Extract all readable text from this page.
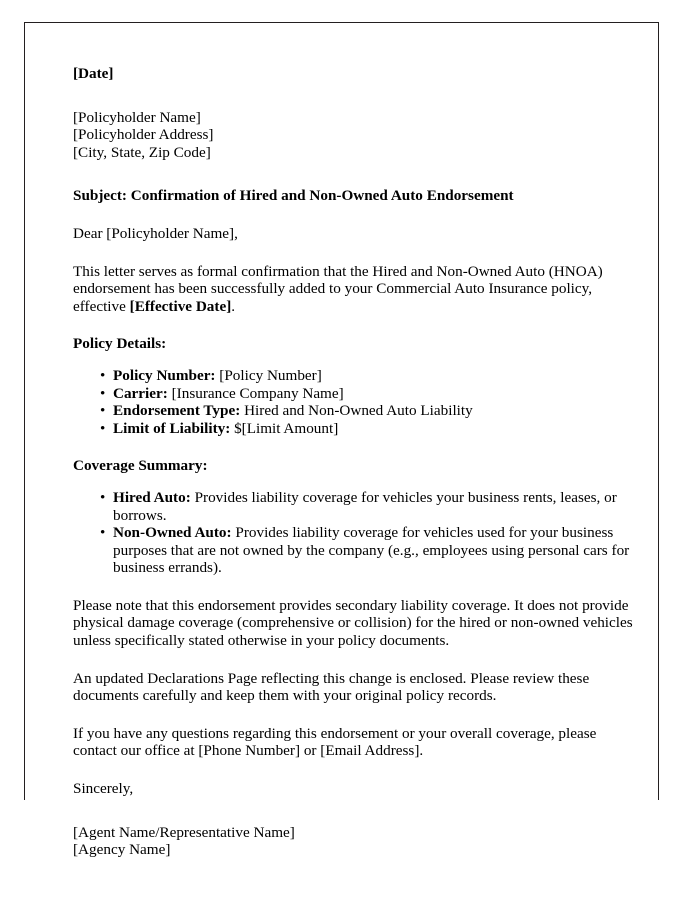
[Date]

[Policyholder Name]

[Policyholder Address]

[City, State, Zip Code]

Subject: Confirmation of Hired and Non-Owned Auto Endorsement

Dear [Policyholder Name],

This letter serves as formal confirmation that the Hired and Non-Owned Auto (HNOA) endorsement has been successfully added to your Commercial Auto Insurance policy, effective [Effective Date].

Policy Details:

• Policy Number: [Policy Number]
• Carrier: [Insurance Company Name]
• Endorsement Type: Hired and Non-Owned Auto Liability
• Limit of Liability: $[Limit Amount]

Coverage Summary:

• Hired Auto: Provides liability coverage for vehicles your business rents, leases, or borrows.
• Non-Owned Auto: Provides liability coverage for vehicles used for your business purposes that are not owned by the company (e.g., employees using personal cars for business errands).

Please note that this endorsement provides secondary liability coverage. It does not provide physical damage coverage (comprehensive or collision) for the hired or non-owned vehicles unless specifically stated otherwise in your policy documents.

An updated Declarations Page reflecting this change is enclosed. Please review these documents carefully and keep them with your original policy records.

If you have any questions regarding this endorsement or your overall coverage, please contact our office at [Phone Number] or [Email Address].

Sincerely,

[Agent Name/Representative Name]

[Agency Name]
